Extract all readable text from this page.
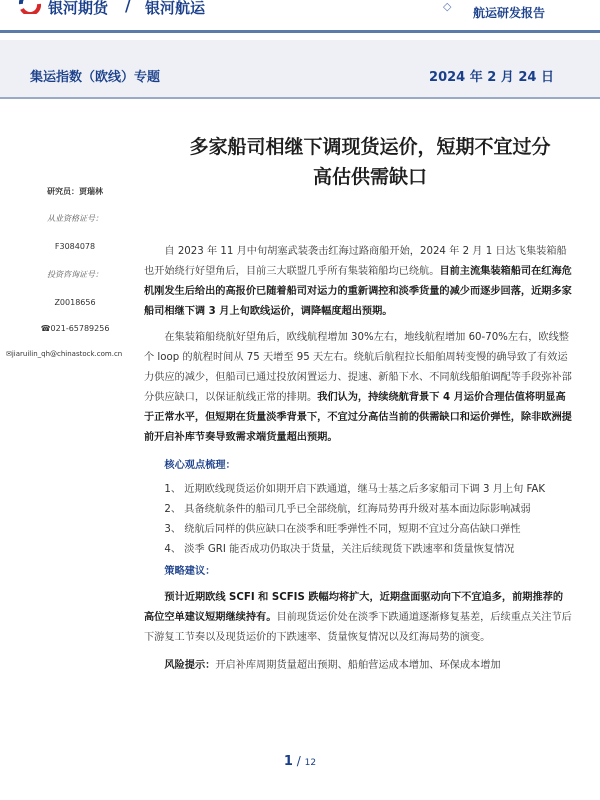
银河期货 / 银河航运	◇ 航运研发报告
集运指数（欧线）专题	2024 年 2 月 24 日
多家船司相继下调现货运价，短期不宜过分
高估供需缺口
研究员：贾瑞林
从业资格证号：
F3084078
投资咨询证号：
Z0018656
☎021-65789256
✉jiaruilin_qh@chinastock.com.cn

自 2023 年 11 月中旬胡塞武装袭击红海过路商船开始，2024 年 2 月 1 日达飞集装箱船也开始绕行好望角后，目前三大联盟几乎所有集装箱船均已绕航。目前主流集装箱船司在红海危机刚发生后给出的高报价已随着船司对运力的重新调控和淡季货量的减少而逐步回落，近期多家船司相继下调 3 月上旬欧线运价，调降幅度超出预期。

在集装箱船绕航好望角后，欧线航程增加 30%左右，地线航程增加 60-70%左右，欧线整个 loop 的航程时间从 75 天增至 95 天左右。绕航后航程拉长船舶周转变慢的确导致了有效运力供应的减少，但船司已通过投放闲置运力、提速、新船下水、不同航线船舶调配等手段弥补部分供应缺口，以保证航线正常的排期。我们认为，持续绕航背景下 4 月运价合理估值将明显高于正常水平，但短期在货量淡季背景下，不宜过分高估当前的供需缺口和运价弹性，除非欧洲提前开启补库节奏导致需求端货量超出预期。

核心观点梳理：

1、 近期欧线现货运价如期开启下跌通道，继马士基之后多家船司下调 3 月上旬 FAK

2、 具备绕航条件的船司几乎已全部绕航，红海局势再升级对基本面边际影响减弱

3、 绕航后同样的供应缺口在淡季和旺季弹性不同，短期不宜过分高估缺口弹性

4、 淡季 GRI 能否成功仍取决于货量，关注后续现货下跌速率和货量恢复情况

策略建议：

预计近期欧线 SCFI 和 SCFIS 跌幅均将扩大，近期盘面驱动向下不宜追多，前期推荐的高位空单建议短期继续持有。目前现货运价处在淡季下跌通道逐渐修复基差，后续重点关注节后下游复工节奏以及现货运价的下跌速率、货量恢复情况以及红海局势的演变。

风险提示：开启补库周期货量超出预期、船舶营运成本增加、环保成本增加

1 / 12
